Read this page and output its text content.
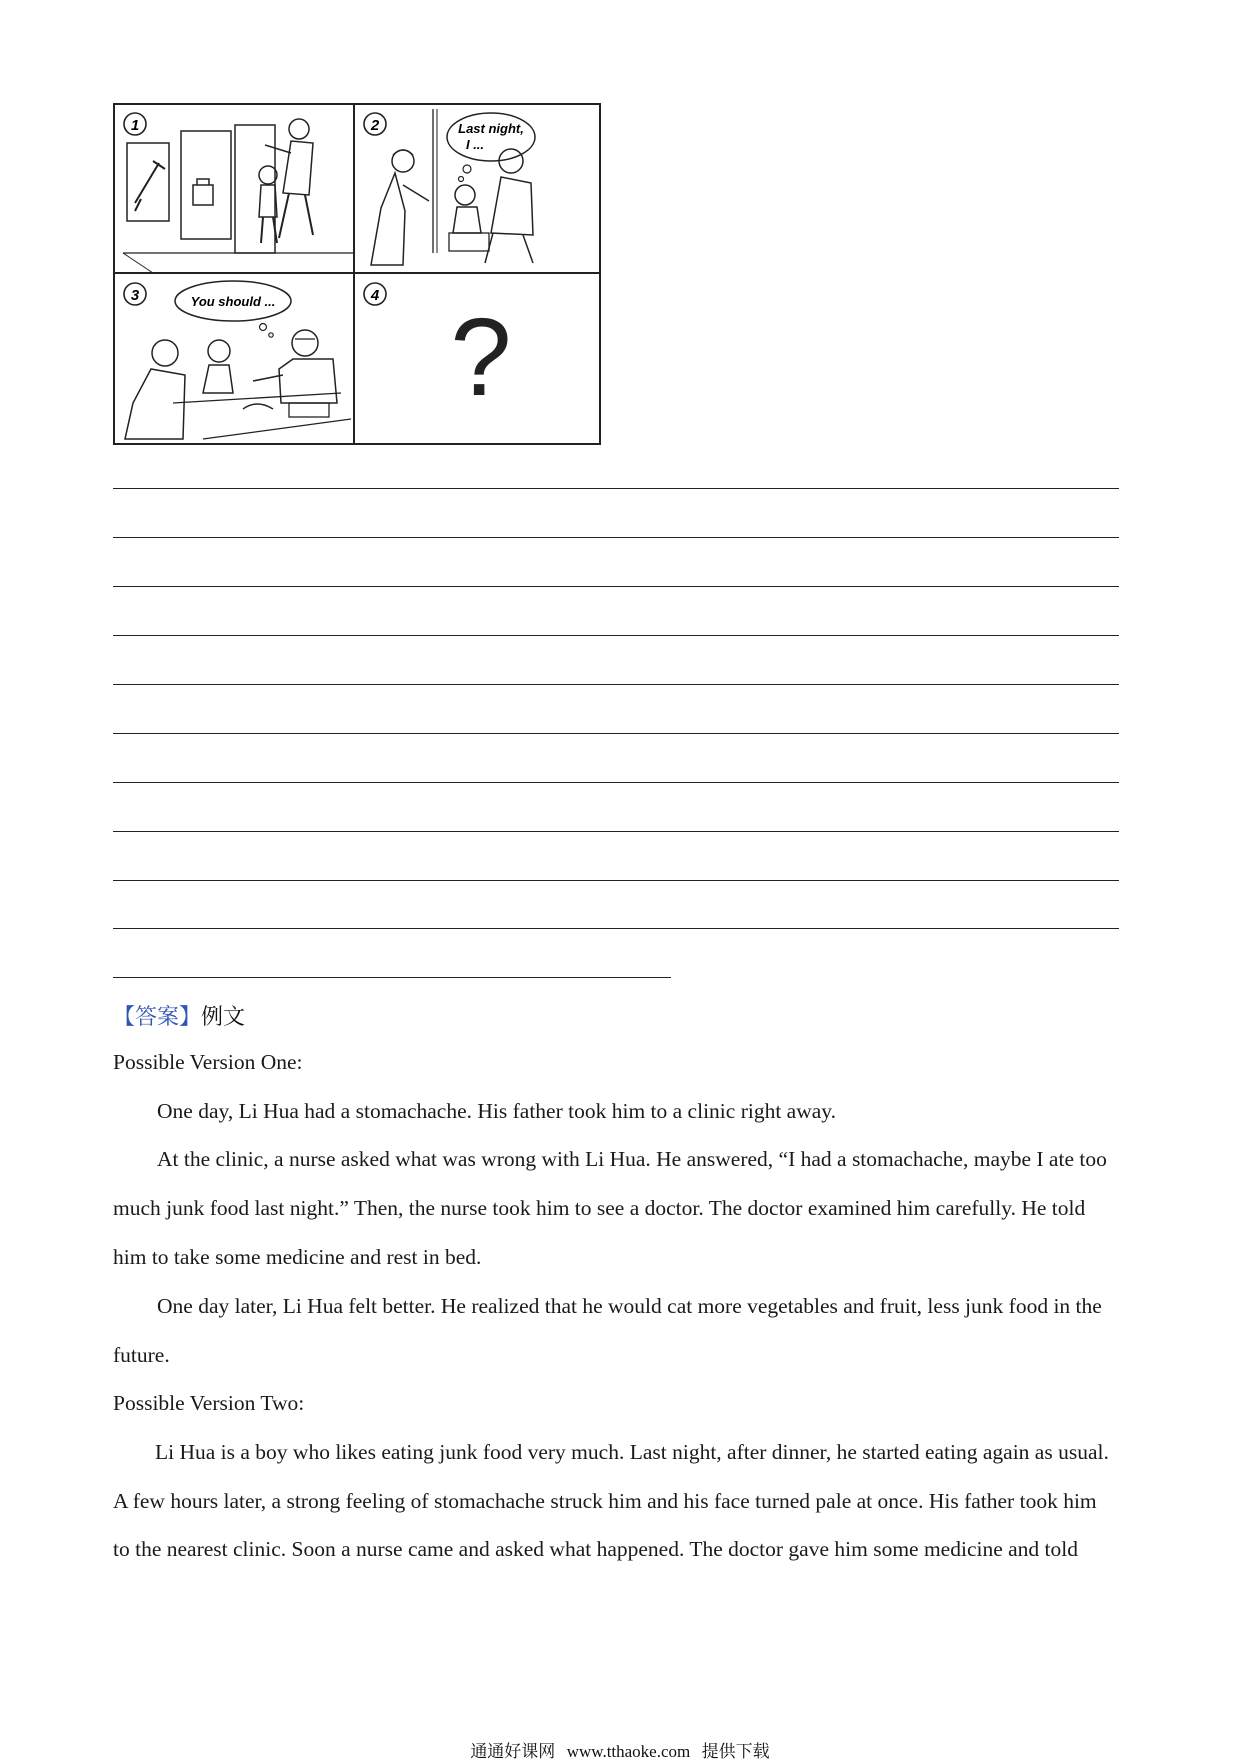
1	2	Last night,
I ...
3	You should ...	4
?
【答案】例文
Possible Version One:
One day, Li Hua had a stomachache. His father took him to a clinic right away.
At the clinic, a nurse asked what was wrong with Li Hua. He answered, “I had a stomachache, maybe I ate too
much junk food last night.” Then, the nurse took him to see a doctor. The doctor examined him carefully. He told
him to take some medicine and rest in bed.
One day later, Li Hua felt better. He realized that he would cat more vegetables and fruit, less junk food in the
future.
Possible Version Two:
Li Hua is a boy who likes eating junk food very much. Last night, after dinner, he started eating again as usual.
A few hours later, a strong feeling of stomachache struck him and his face turned pale at once. His father took him
to the nearest clinic. Soon a nurse came and asked what happened. The doctor gave him some medicine and told
通通好课网 www.tthaoke.com 提供下载
